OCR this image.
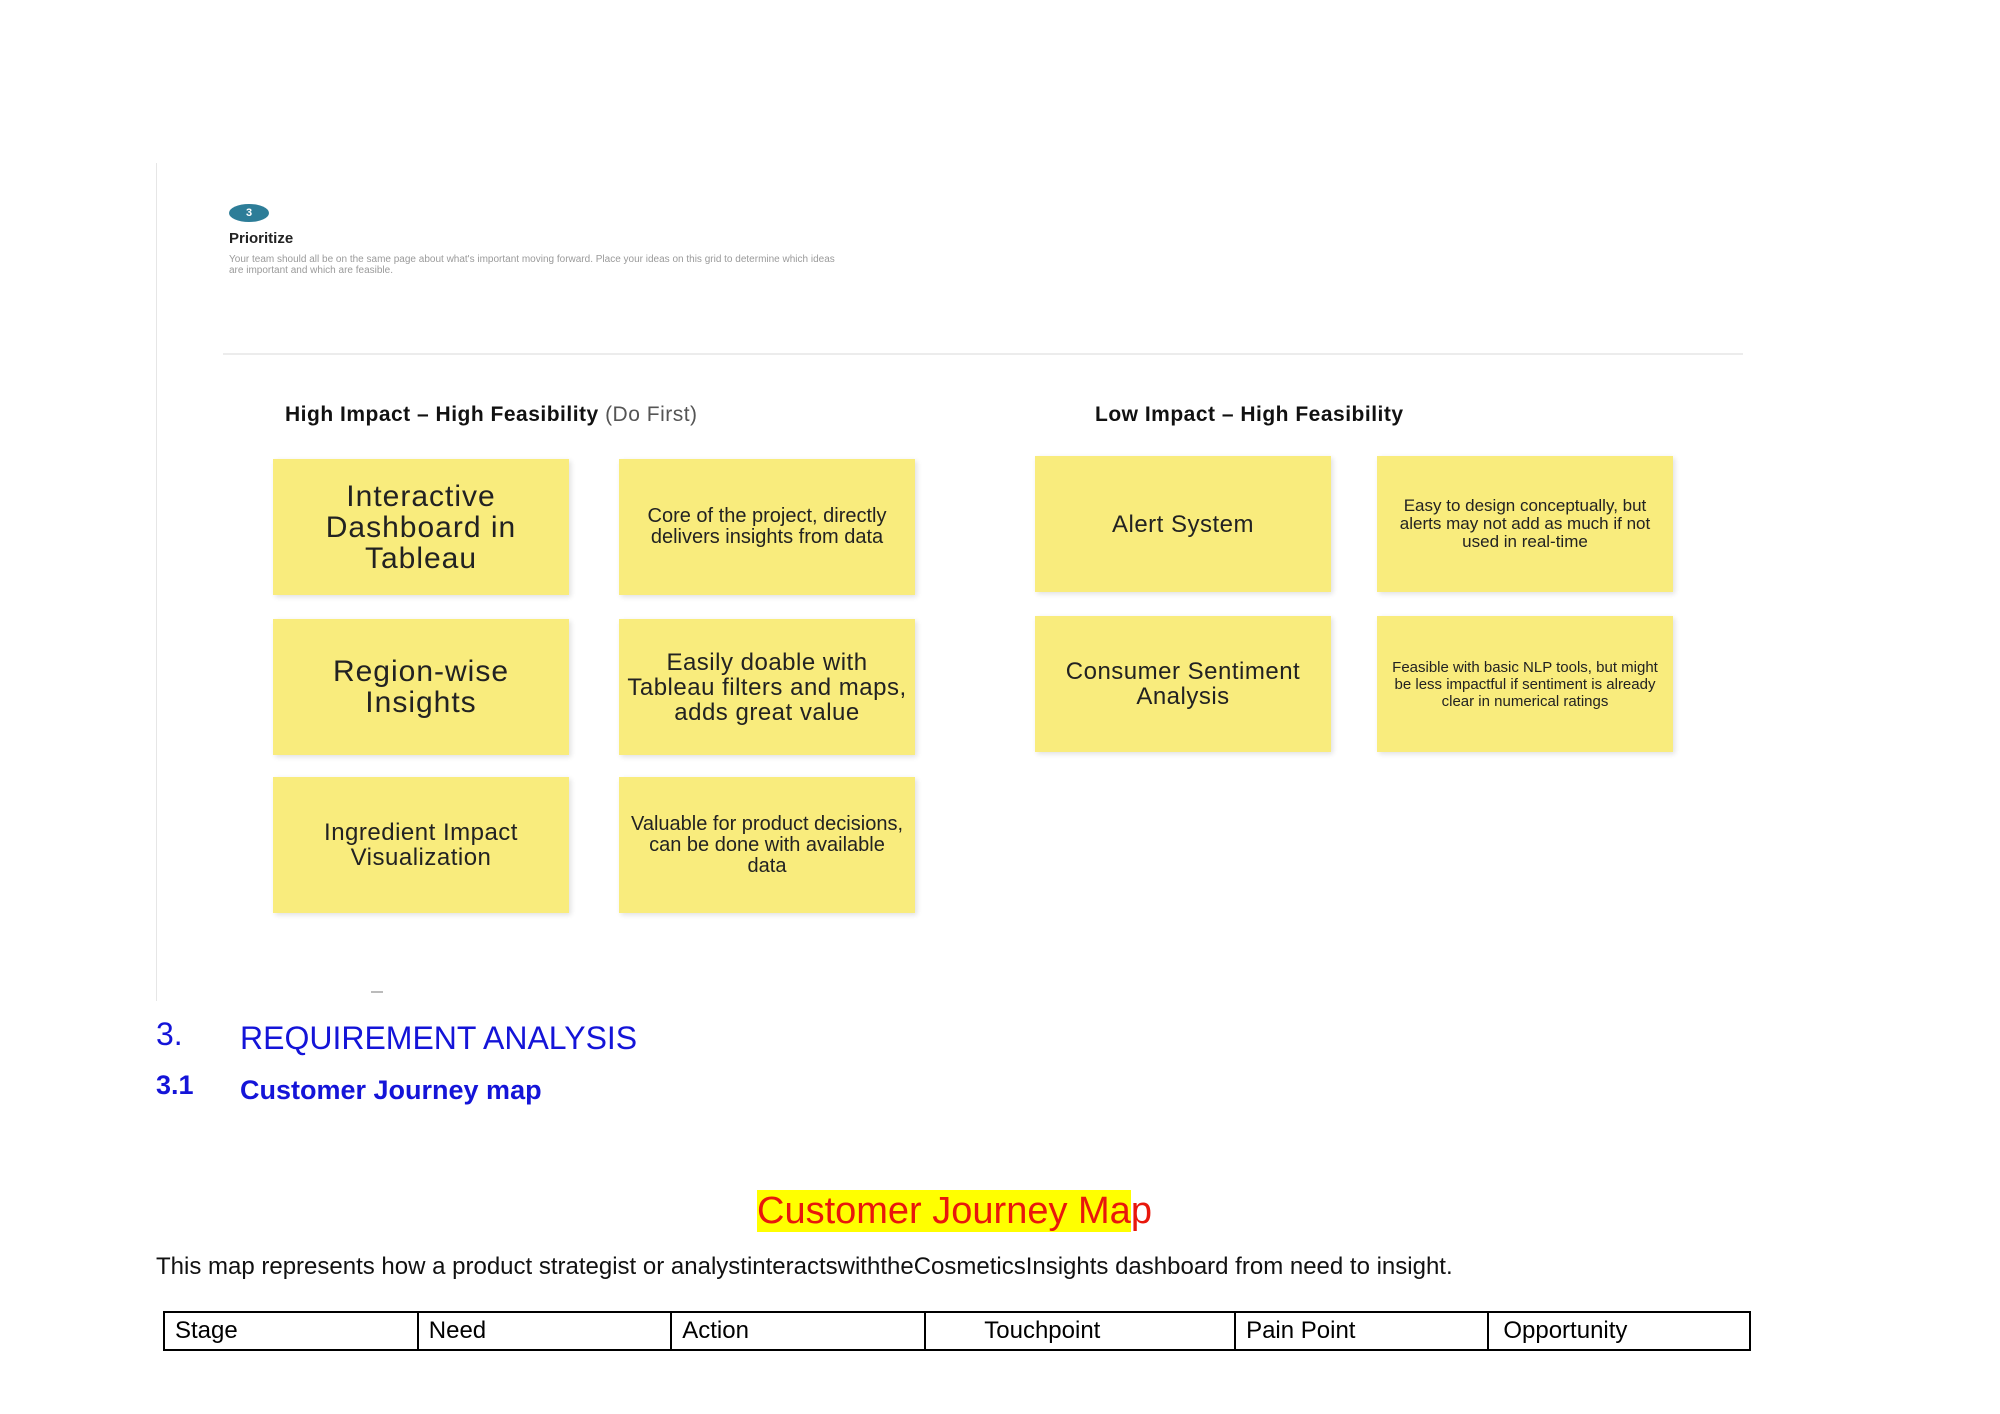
3
Prioritize
Your team should all be on the same page about what's important moving forward. Place your ideas on this grid to determine which ideas are important and which are feasible.
High Impact – High Feasibility (Do First)	Low Impact – High Feasibility
Interactive Dashboard in Tableau
Core of the project, directly delivers insights from data
Region-wise Insights
Easily doable with Tableau filters and maps, adds great value
Ingredient Impact Visualization
Valuable for product decisions, can be done with available data
Alert System
Easy to design conceptually, but alerts may not add as much if not used in real-time
Consumer Sentiment Analysis
Feasible with basic NLP tools, but might be less impactful if sentiment is already clear in numerical ratings
3. REQUIREMENT ANALYSIS
3.1 Customer Journey map
Customer Journey Map
This map represents how a product strategist or analystinteractswiththeCosmeticsInsights dashboard from need to insight.
Stage	Need	Action	Touchpoint	Pain Point	Opportunity
